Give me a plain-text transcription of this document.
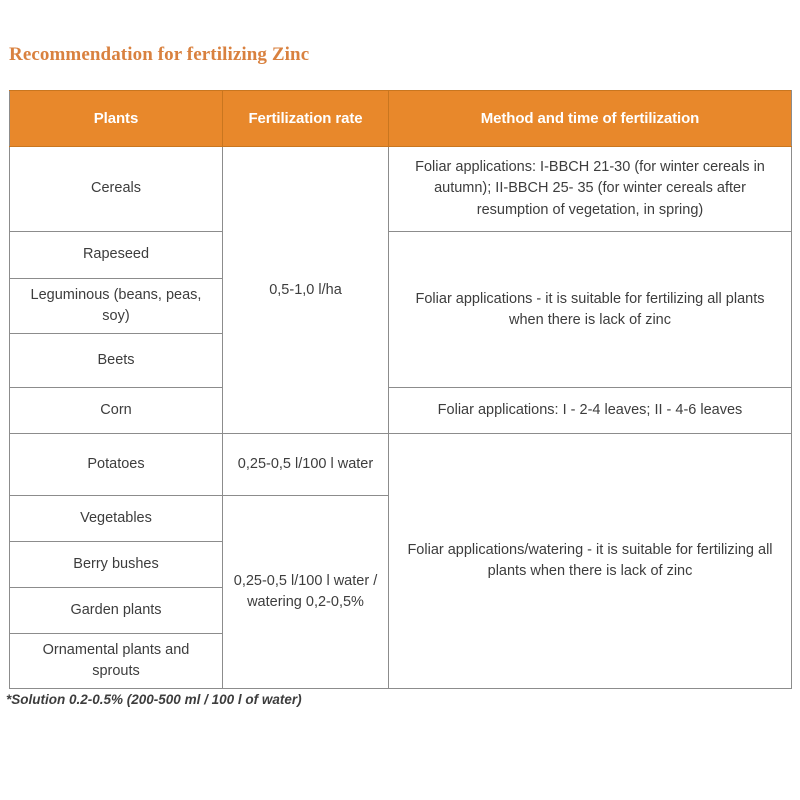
Recommendation for fertilizing Zinc
Plants	Fertilization rate	Method and time of fertilization
Cereals	0,5-1,0 l/ha	Foliar applications: I-BBCH 21-30 (for winter cereals in autumn); II-BBCH 25- 35 (for winter cereals after resumption of vegetation, in spring)
Rapeseed		Foliar applications - it is suitable for fertilizing all plants when there is lack of zinc
Leguminous (beans, peas, soy)		
Beets		
Corn		Foliar applications: I - 2-4 leaves; II - 4-6 leaves
Potatoes	0,25-0,5 l/100 l water	Foliar applications/watering - it is suitable for fertilizing all plants when there is lack of zinc
Vegetables	0,25-0,5 l/100 l water / watering 0,2-0,5%	
Berry bushes		
Garden plants		
Ornamental plants and sprouts		
*Solution 0.2-0.5% (200-500 ml / 100 l of water)
